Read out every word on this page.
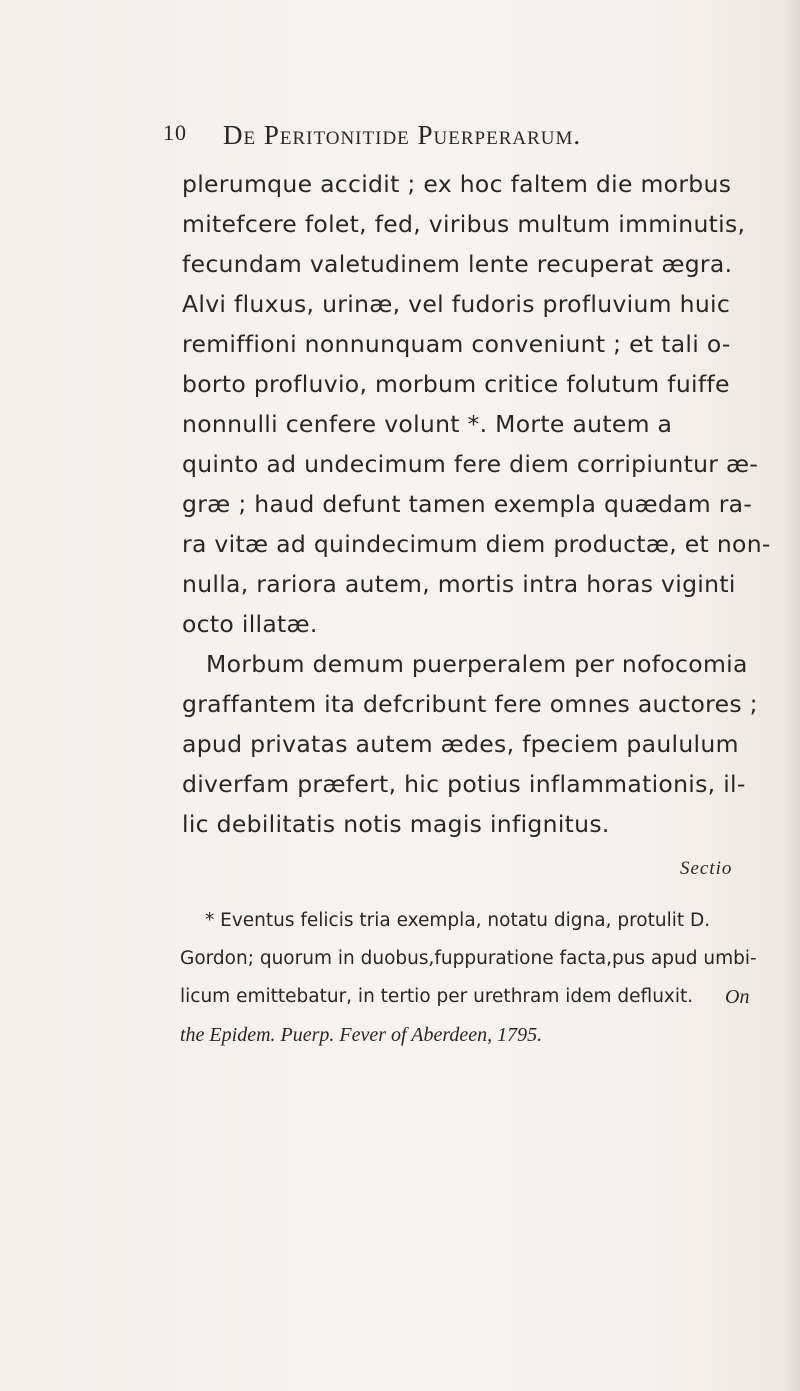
10 De Peritonitide Puerperarum.
plerumque accidit ; ex hoc faltem die morbus
mitefcere folet, fed, viribus multum imminutis,
fecundam valetudinem lente recuperat ægra.
Alvi fluxus, urinæ, vel fudoris profluvium huic
remiffioni nonnunquam conveniunt ; et tali o-
borto profluvio, morbum critice folutum fuiffe
nonnulli cenfere volunt *. Morte autem a
quinto ad undecimum fere diem corripiuntur æ-
græ ; haud defunt tamen exempla quædam ra-
ra vitæ ad quindecimum diem productæ, et non-
nulla, rariora autem, mortis intra horas viginti
octo illatæ.
Morbum demum puerperalem per nofocomia
graffantem ita defcribunt fere omnes auctores ;
apud privatas autem ædes, fpeciem paululum
diverfam præfert, hic potius inflammationis, il-
lic debilitatis notis magis infignitus.
Sectio
* Eventus felicis tria exempla, notatu digna, protulit D.
Gordon; quorum in duobus,fuppuratione facta,pus apud umbi-
licum emittebatur, in tertio per urethram idem defluxit.
the Epidem. Puerp. Fever of Aberdeen, 1795.
On
